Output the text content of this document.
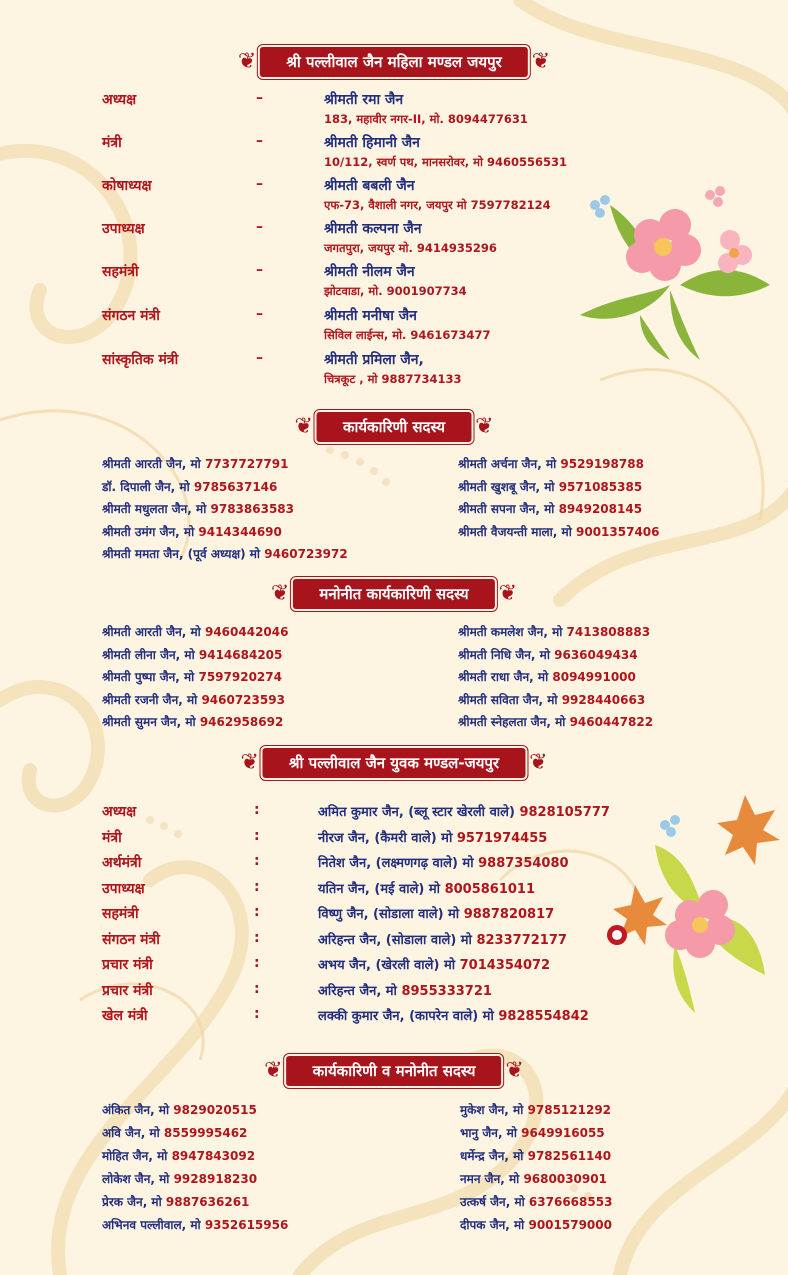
❦	श्री पल्लीवाल जैन महिला मण्डल जयपुर	❦
अध्यक्ष	–	श्रीमती रमा जैन
183, महावीर नगर-II, मो. 8094477631
मंत्री	–	श्रीमती हिमानी जैन
10/112, स्वर्ण पथ, मानसरोवर, मो 9460556531
कोषाध्यक्ष	–	श्रीमती बबली जैन
एफ-73, वैशाली नगर, जयपुर मो 7597782124
उपाध्यक्ष	–	श्रीमती कल्पना जैन
जगतपुरा, जयपुर मो. 9414935296
सहमंत्री	–	श्रीमती नीलम जैन
झोटवाडा, मो. 9001907734
संगठन मंत्री	–	श्रीमती मनीषा जैन
सिविल लाईन्स, मो. 9461673477
सांस्कृतिक मंत्री	–	श्रीमती प्रमिला जैन,
चित्रकूट , मो 9887734133
❦	कार्यकारिणी सदस्य	❦
श्रीमती आरती जैन, मो 7737727791
डॉ. दिपाली जैन, मो 9785637146
श्रीमती मधुलता जैन, मो 9783863583
श्रीमती उमंग जैन, मो 9414344690
श्रीमती ममता जैन, (पूर्व अध्यक्ष) मो 9460723972
श्रीमती अर्चना जैन, मो 9529198788
श्रीमती खुशबू जैन, मो 9571085385
श्रीमती सपना जैन, मो 8949208145
श्रीमती वैजयन्ती माला, मो 9001357406
❦	मनोनीत कार्यकारिणी सदस्य	❦
श्रीमती आरती जैन, मो 9460442046
श्रीमती लीना जैन, मो 9414684205
श्रीमती पुष्पा जैन, मो 7597920274
श्रीमती रजनी जैन, मो 9460723593
श्रीमती सुमन जैन, मो 9462958692
श्रीमती कमलेश जैन, मो 7413808883
श्रीमती निधि जैन, मो 9636049434
श्रीमती राधा जैन, मो 8094991000
श्रीमती सविता जैन, मो 9928440663
श्रीमती स्नेहलता जैन, मो 9460447822
❦	श्री पल्लीवाल जैन युवक मण्डल-जयपुर	❦
अध्यक्ष	:	अमित कुमार जैन, (ब्लू स्टार खेरली वाले) 9828105777
मंत्री	:	नीरज जैन, (कैमरी वाले) मो 9571974455
अर्थमंत्री	:	नितेश जैन, (लक्ष्मणगढ़ वाले) मो 9887354080
उपाध्यक्ष	:	यतिन जैन, (मई वाले) मो 8005861011
सहमंत्री	:	विष्णु जैन, (सोडाला वाले) मो 9887820817
संगठन मंत्री	:	अरिहन्त जैन, (सोडाला वाले) मो 8233772177
प्रचार मंत्री	:	अभय जैन, (खेरली वाले) मो 7014354072
प्रचार मंत्री	:	अरिहन्त जैन, मो 8955333721
खेल मंत्री	:	लक्की कुमार जैन, (कापरेन वाले) मो 9828554842
❦	कार्यकारिणी व मनोनीत सदस्य	❦
अंकित जैन, मो 9829020515
अवि जैन, मो 8559995462
मोहित जैन, मो 8947843092
लोकेश जैन, मो 9928918230
प्रेरक जैन, मो 9887636261
अभिनव पल्लीवाल, मो 9352615956
मुकेश जैन, मो 9785121292
भानु जैन, मो 9649916055
धर्मेन्द्र जैन, मो 9782561140
नमन जैन, मो 9680030901
उत्कर्ष जैन, मो 6376668553
दीपक जैन, मो 9001579000
